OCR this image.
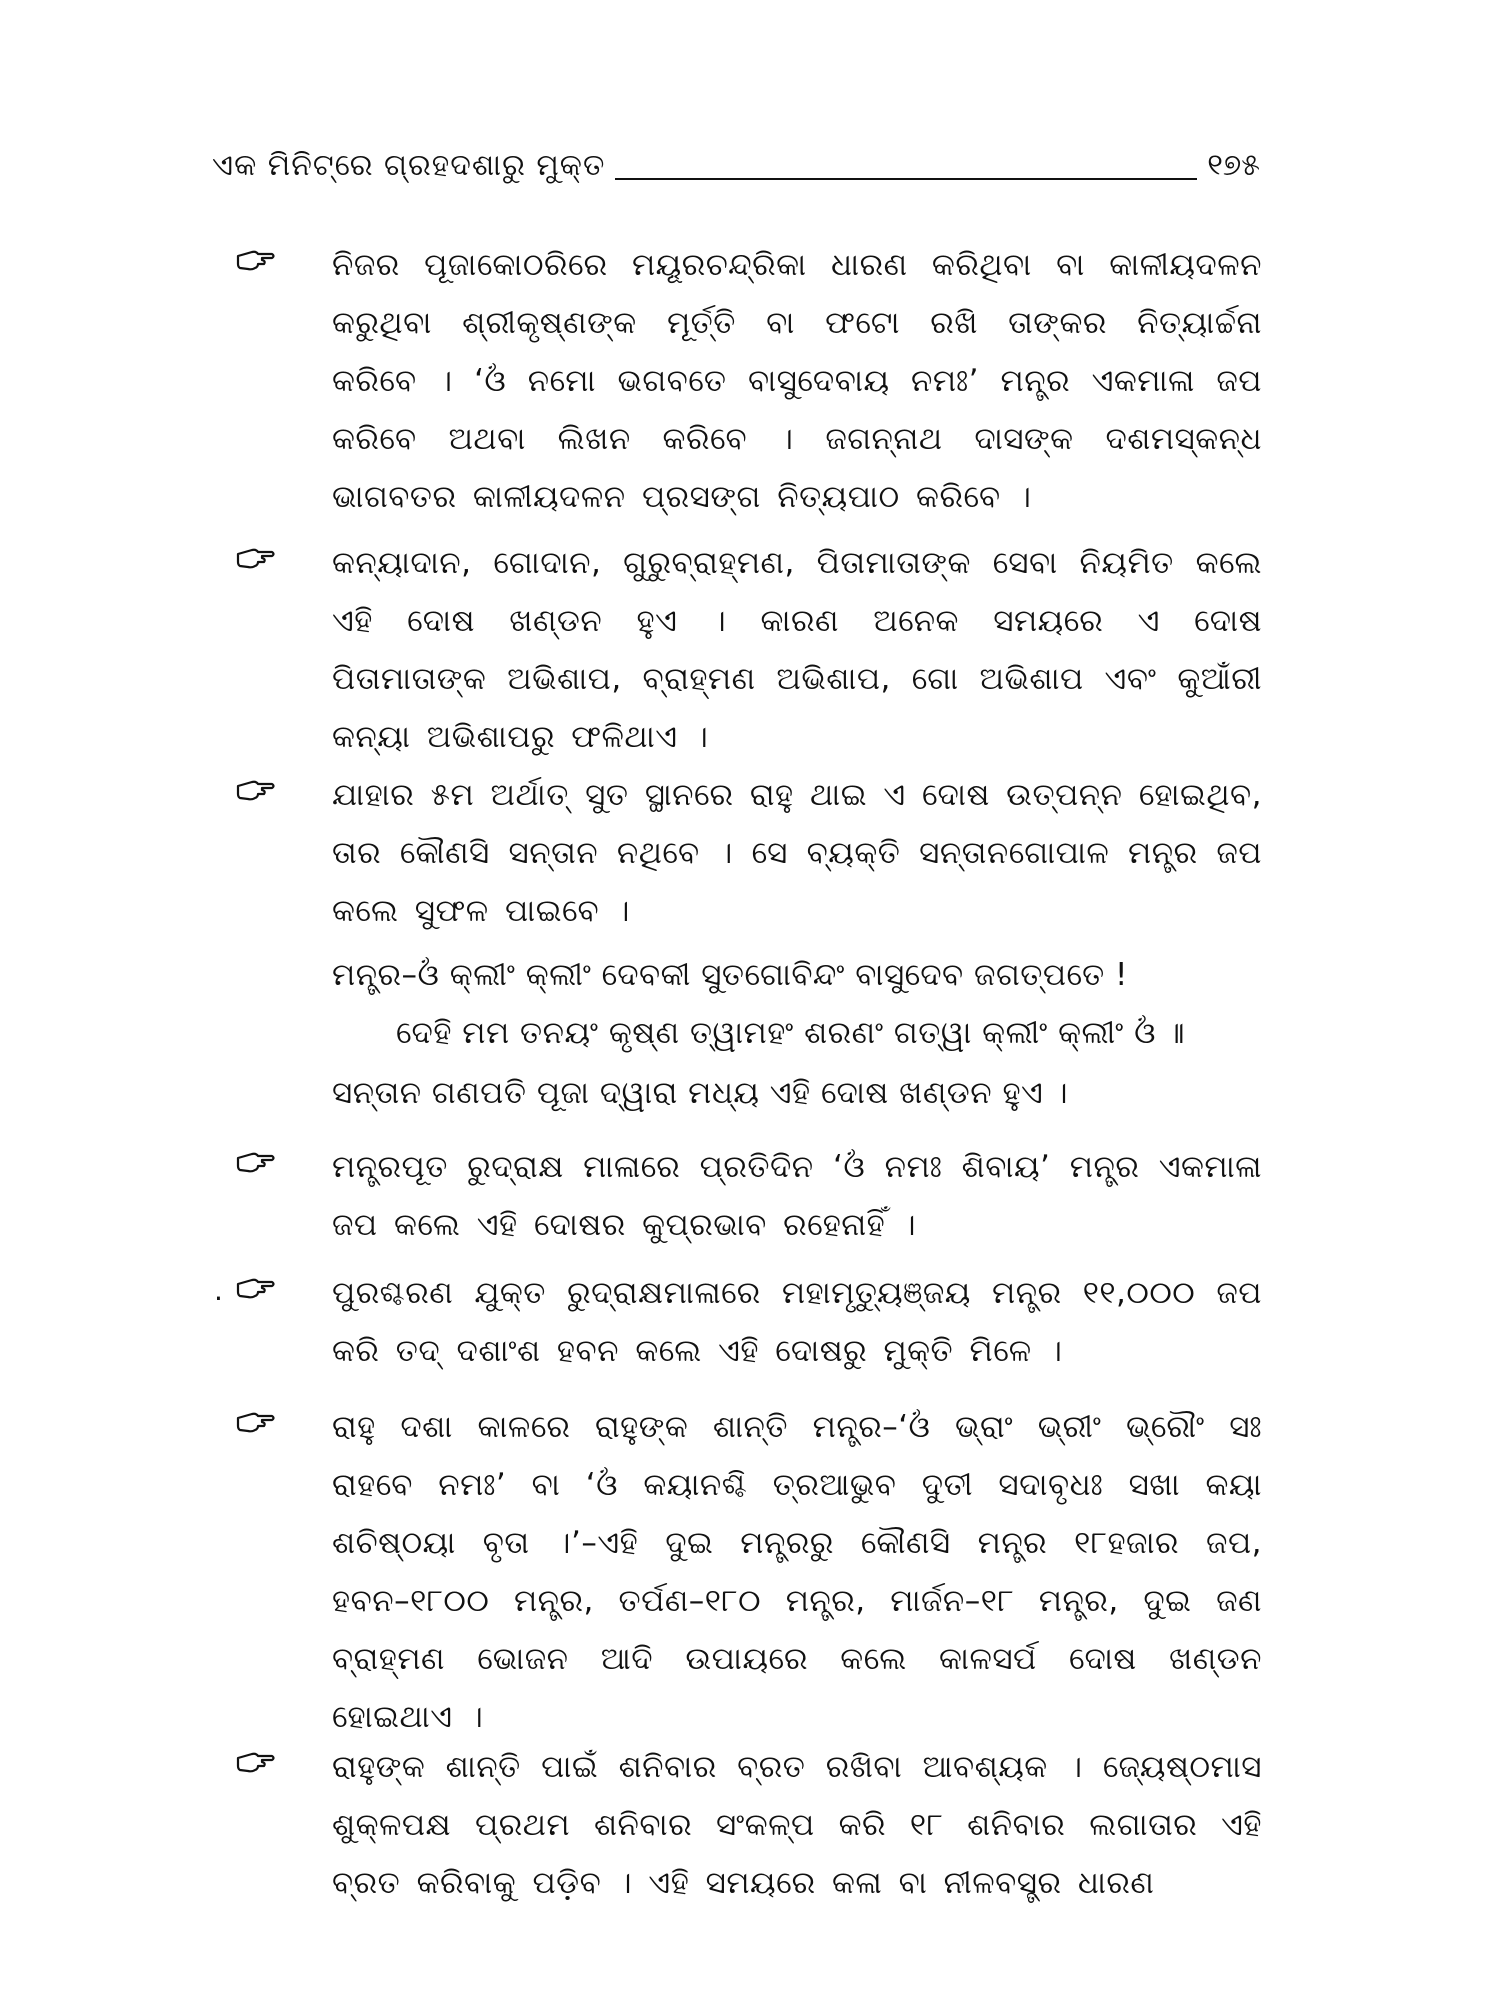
ଏକ ମିନିଟ୍‌ରେ ଗ୍ରହଦଶାରୁ ମୁକ୍ତ	୧୭୫
ନିଜର ପୂଜାକୋଠରିରେ ମୟୂରଚନ୍ଦ୍ରିକା ଧାରଣ କରିଥିବା ବା କାଳୀୟଦଳନ କରୁଥିବା ଶ୍ରୀକୃଷ୍ଣଙ୍କ ମୂର୍ତ୍ତି ବା ଫଟୋ ରଖି ତାଙ୍କର ନିତ୍ୟାର୍ଚ୍ଚନା କରିବେ । ‘ଓଁ ନମୋ ଭଗବତେ ବାସୁଦେବାୟ ନମଃ’ ମନ୍ତ୍ର ଏକମାଳା ଜପ କରିବେ ଅଥବା ଲିଖନ କରିବେ । ଜଗନ୍ନାଥ ଦାସଙ୍କ ଦଶମସ୍କନ୍ଧ ଭାଗବତର କାଳୀୟଦଳନ ପ୍ରସଙ୍ଗ ନିତ୍ୟପାଠ କରିବେ ।
କନ୍ୟାଦାନ, ଗୋଦାନ, ଗୁରୁବ୍ରାହ୍ମଣ, ପିତାମାତାଙ୍କ ସେବା ନିୟମିତ କଲେ ଏହି ଦୋଷ ଖଣ୍ଡନ ହୁଏ । କାରଣ ଅନେକ ସମୟରେ ଏ ଦୋଷ ପିତାମାତାଙ୍କ ଅଭିଶାପ, ବ୍ରାହ୍ମଣ ଅଭିଶାପ, ଗୋ ଅଭିଶାପ ଏବଂ କୁଆଁରୀ କନ୍ୟା ଅଭିଶାପରୁ ଫଳିଥାଏ ।
ଯାହାର ୫ମ ଅର୍ଥାତ୍ ସୁତ ସ୍ଥାନରେ ରାହୁ ଥାଇ ଏ ଦୋଷ ଉତ୍ପନ୍ନ ହୋଇଥିବ, ତାର କୌଣସି ସନ୍ତାନ ନଥିବେ । ସେ ବ୍ୟକ୍ତି ସନ୍ତାନଗୋପାଳ ମନ୍ତ୍ର ଜପ କଲେ ସୁଫଳ ପାଇବେ ।
ମନ୍ତ୍ର–ଓଁ କ୍ଲୀଂ କ୍ଲୀଂ ଦେବକୀ ସୁତଗୋବିନ୍ଦଂ ବାସୁଦେବ ଜଗତ୍‌ପତେ !
ଦେହି ମମ ତନୟଂ କୃଷ୍ଣ ତ୍ୱାମହଂ ଶରଣଂ ଗତ୍ୱା କ୍ଲୀଂ କ୍ଲୀଂ ଓଁ ॥
ସନ୍ତାନ ଗଣପତି ପୂଜା ଦ୍ୱାରା ମଧ୍ୟ ଏହି ଦୋଷ ଖଣ୍ଡନ ହୁଏ ।
ମନ୍ତ୍ରପୂତ ରୁଦ୍ରାକ୍ଷ ମାଳାରେ ପ୍ରତିଦିନ ‘ଓଁ ନମଃ ଶିବାୟ’ ମନ୍ତ୍ର ଏକମାଳା ଜପ କଲେ ଏହି ଦୋଷର କୁପ୍ରଭାବ ରହେନାହିଁ ।
·	ପୁରଶ୍ଚରଣ ଯୁକ୍ତ ରୁଦ୍ରାକ୍ଷମାଳାରେ ମହାମୃତ୍ୟୁଞ୍ଜୟ ମନ୍ତ୍ର ୧୧,୦୦୦ ଜପ କରି ତଦ୍ ଦଶାଂଶ ହବନ କଲେ ଏହି ଦୋଷରୁ ମୁକ୍ତି ମିଳେ ।
ରାହୁ ଦଶା କାଳରେ ରାହୁଙ୍କ ଶାନ୍ତି ମନ୍ତ୍ର–‘ଓଁ ଭ୍ରାଂ ଭ୍ରୀଂ ଭ୍ରୌଂ ସଃ ରାହବେ ନମଃ’ ବା ‘ଓଁ କୟାନଶ୍ଚି ତ୍ରଆଭୁବ ଦୁତୀ ସଦାବୃଧଃ ସଖା କୟା ଶଚିଷ୍ଠୟା ବୃତା ।’–ଏହି ଦୁଇ ମନ୍ତ୍ରରୁ କୌଣସି ମନ୍ତ୍ର ୧୮ହଜାର ଜପ, ହବନ–୧୮୦୦ ମନ୍ତ୍ର, ତର୍ପଣ–୧୮୦ ମନ୍ତ୍ର, ମାର୍ଜନ–୧୮ ମନ୍ତ୍ର, ଦୁଇ ଜଣ ବ୍ରାହ୍ମଣ ଭୋଜନ ଆଦି ଉପାୟରେ କଲେ କାଳସର୍ପ ଦୋଷ ଖଣ୍ଡନ ହୋଇଥାଏ ।
ରାହୁଙ୍କ ଶାନ୍ତି ପାଇଁ ଶନିବାର ବ୍ରତ ରଖିବା ଆବଶ୍ୟକ । ଜ୍ୟେଷ୍ଠମାସ ଶୁକ୍ଳପକ୍ଷ ପ୍ରଥମ ଶନିବାର ସଂକଳ୍ପ କରି ୧୮ ଶନିବାର ଲଗାତାର ଏହି ବ୍ରତ କରିବାକୁ ପଡ଼ିବ । ଏହି ସମୟରେ କଳା ବା ନୀଳବସ୍ତ୍ର ଧାରଣ
